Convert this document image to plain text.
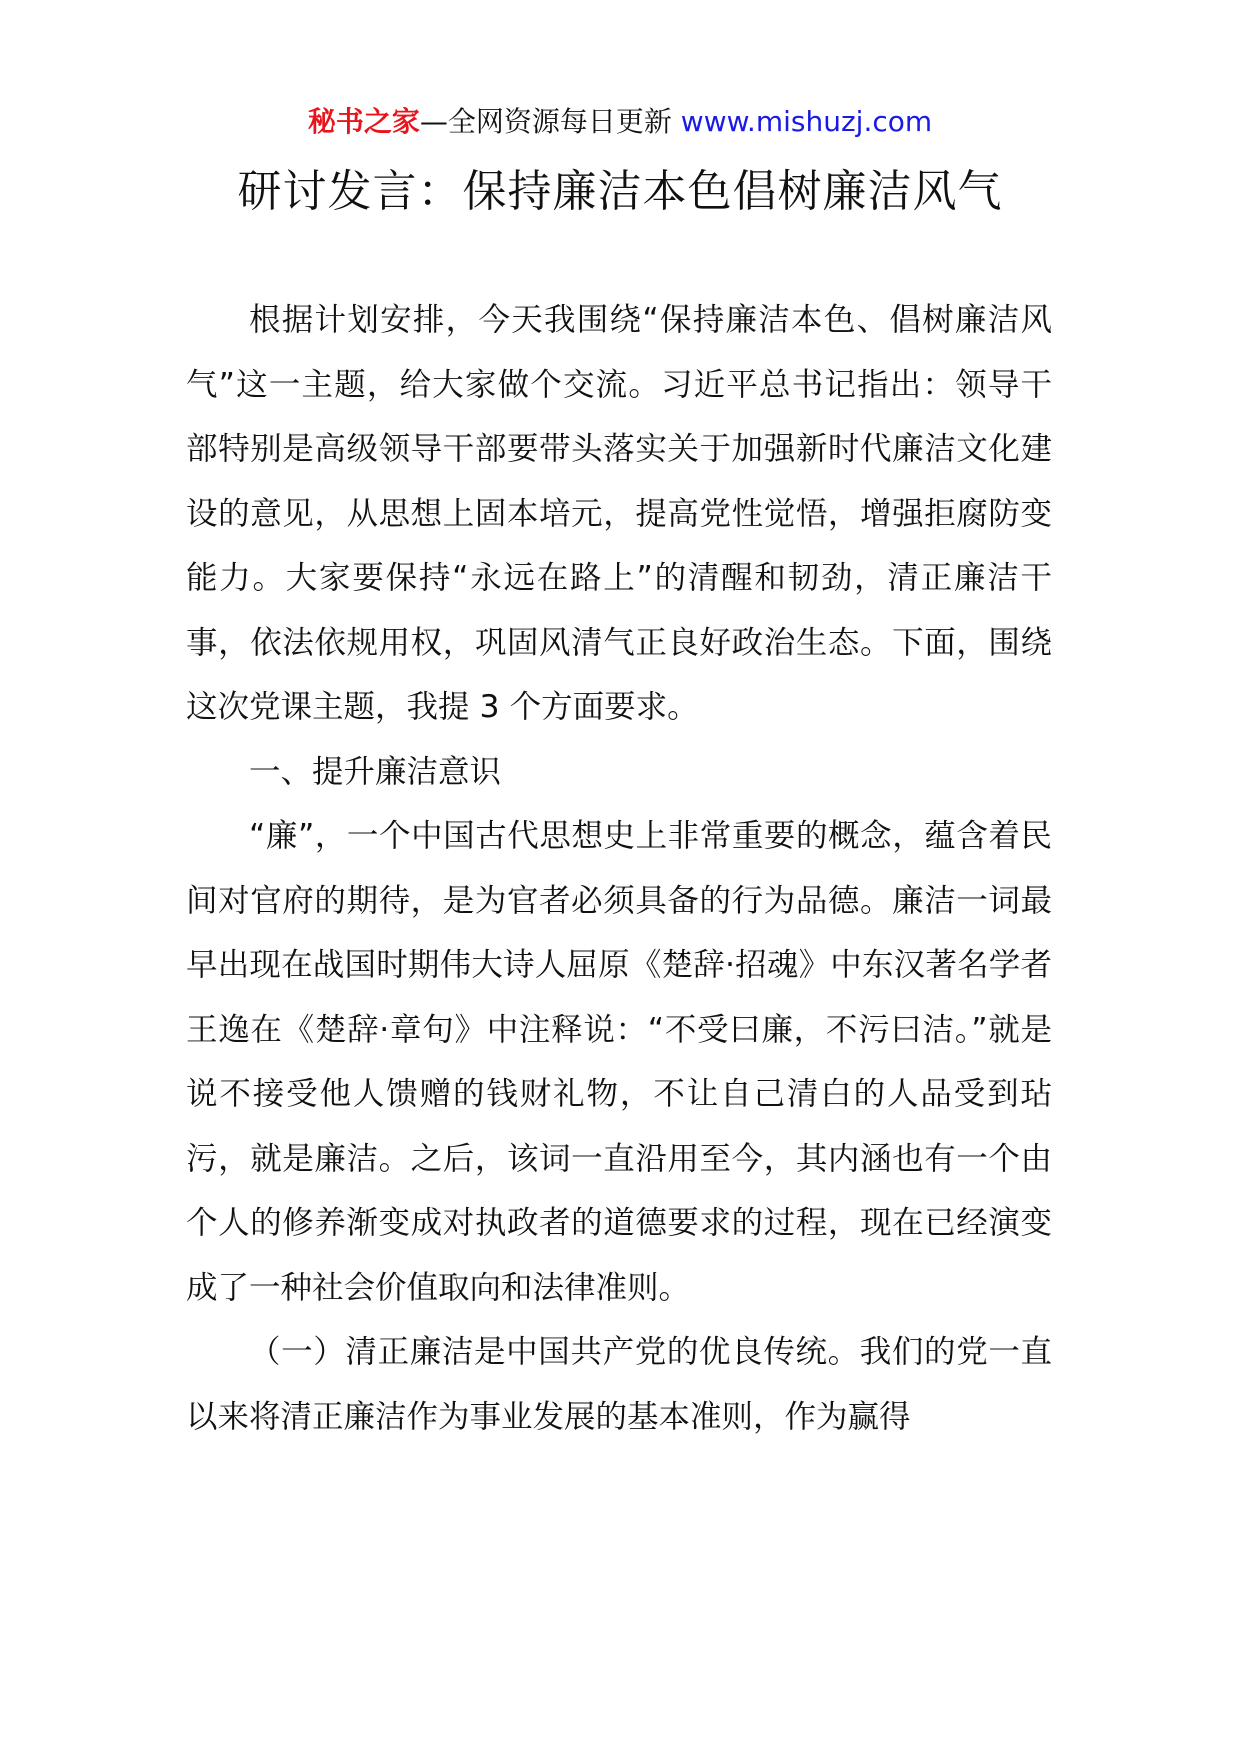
秘书之家—全网资源每日更新 www.mishuzj.com
研讨发言：保持廉洁本色倡树廉洁风气

根据计划安排，今天我围绕“保持廉洁本色、倡树廉洁风气”这一主题，给大家做个交流。习近平总书记指出：领导干部特别是高级领导干部要带头落实关于加强新时代廉洁文化建设的意见，从思想上固本培元，提高党性觉悟，增强拒腐防变能力。大家要保持“永远在路上”的清醒和韧劲，清正廉洁干事，依法依规用权，巩固风清气正良好政治生态。下面，围绕这次党课主题，我提 3 个方面要求。

一、提升廉洁意识

“廉”，一个中国古代思想史上非常重要的概念，蕴含着民间对官府的期待，是为官者必须具备的行为品德。廉洁一词最早出现在战国时期伟大诗人屈原《楚辞·招魂》中东汉著名学者王逸在《楚辞·章句》中注释说：“不受曰廉，不污曰洁。”就是说不接受他人馈赠的钱财礼物，不让自己清白的人品受到玷污，就是廉洁。之后，该词一直沿用至今，其内涵也有一个由个人的修养渐变成对执政者的道德要求的过程，现在已经演变成了一种社会价值取向和法律准则。

（一）清正廉洁是中国共产党的优良传统。我们的党一直以来将清正廉洁作为事业发展的基本准则，作为赢得
